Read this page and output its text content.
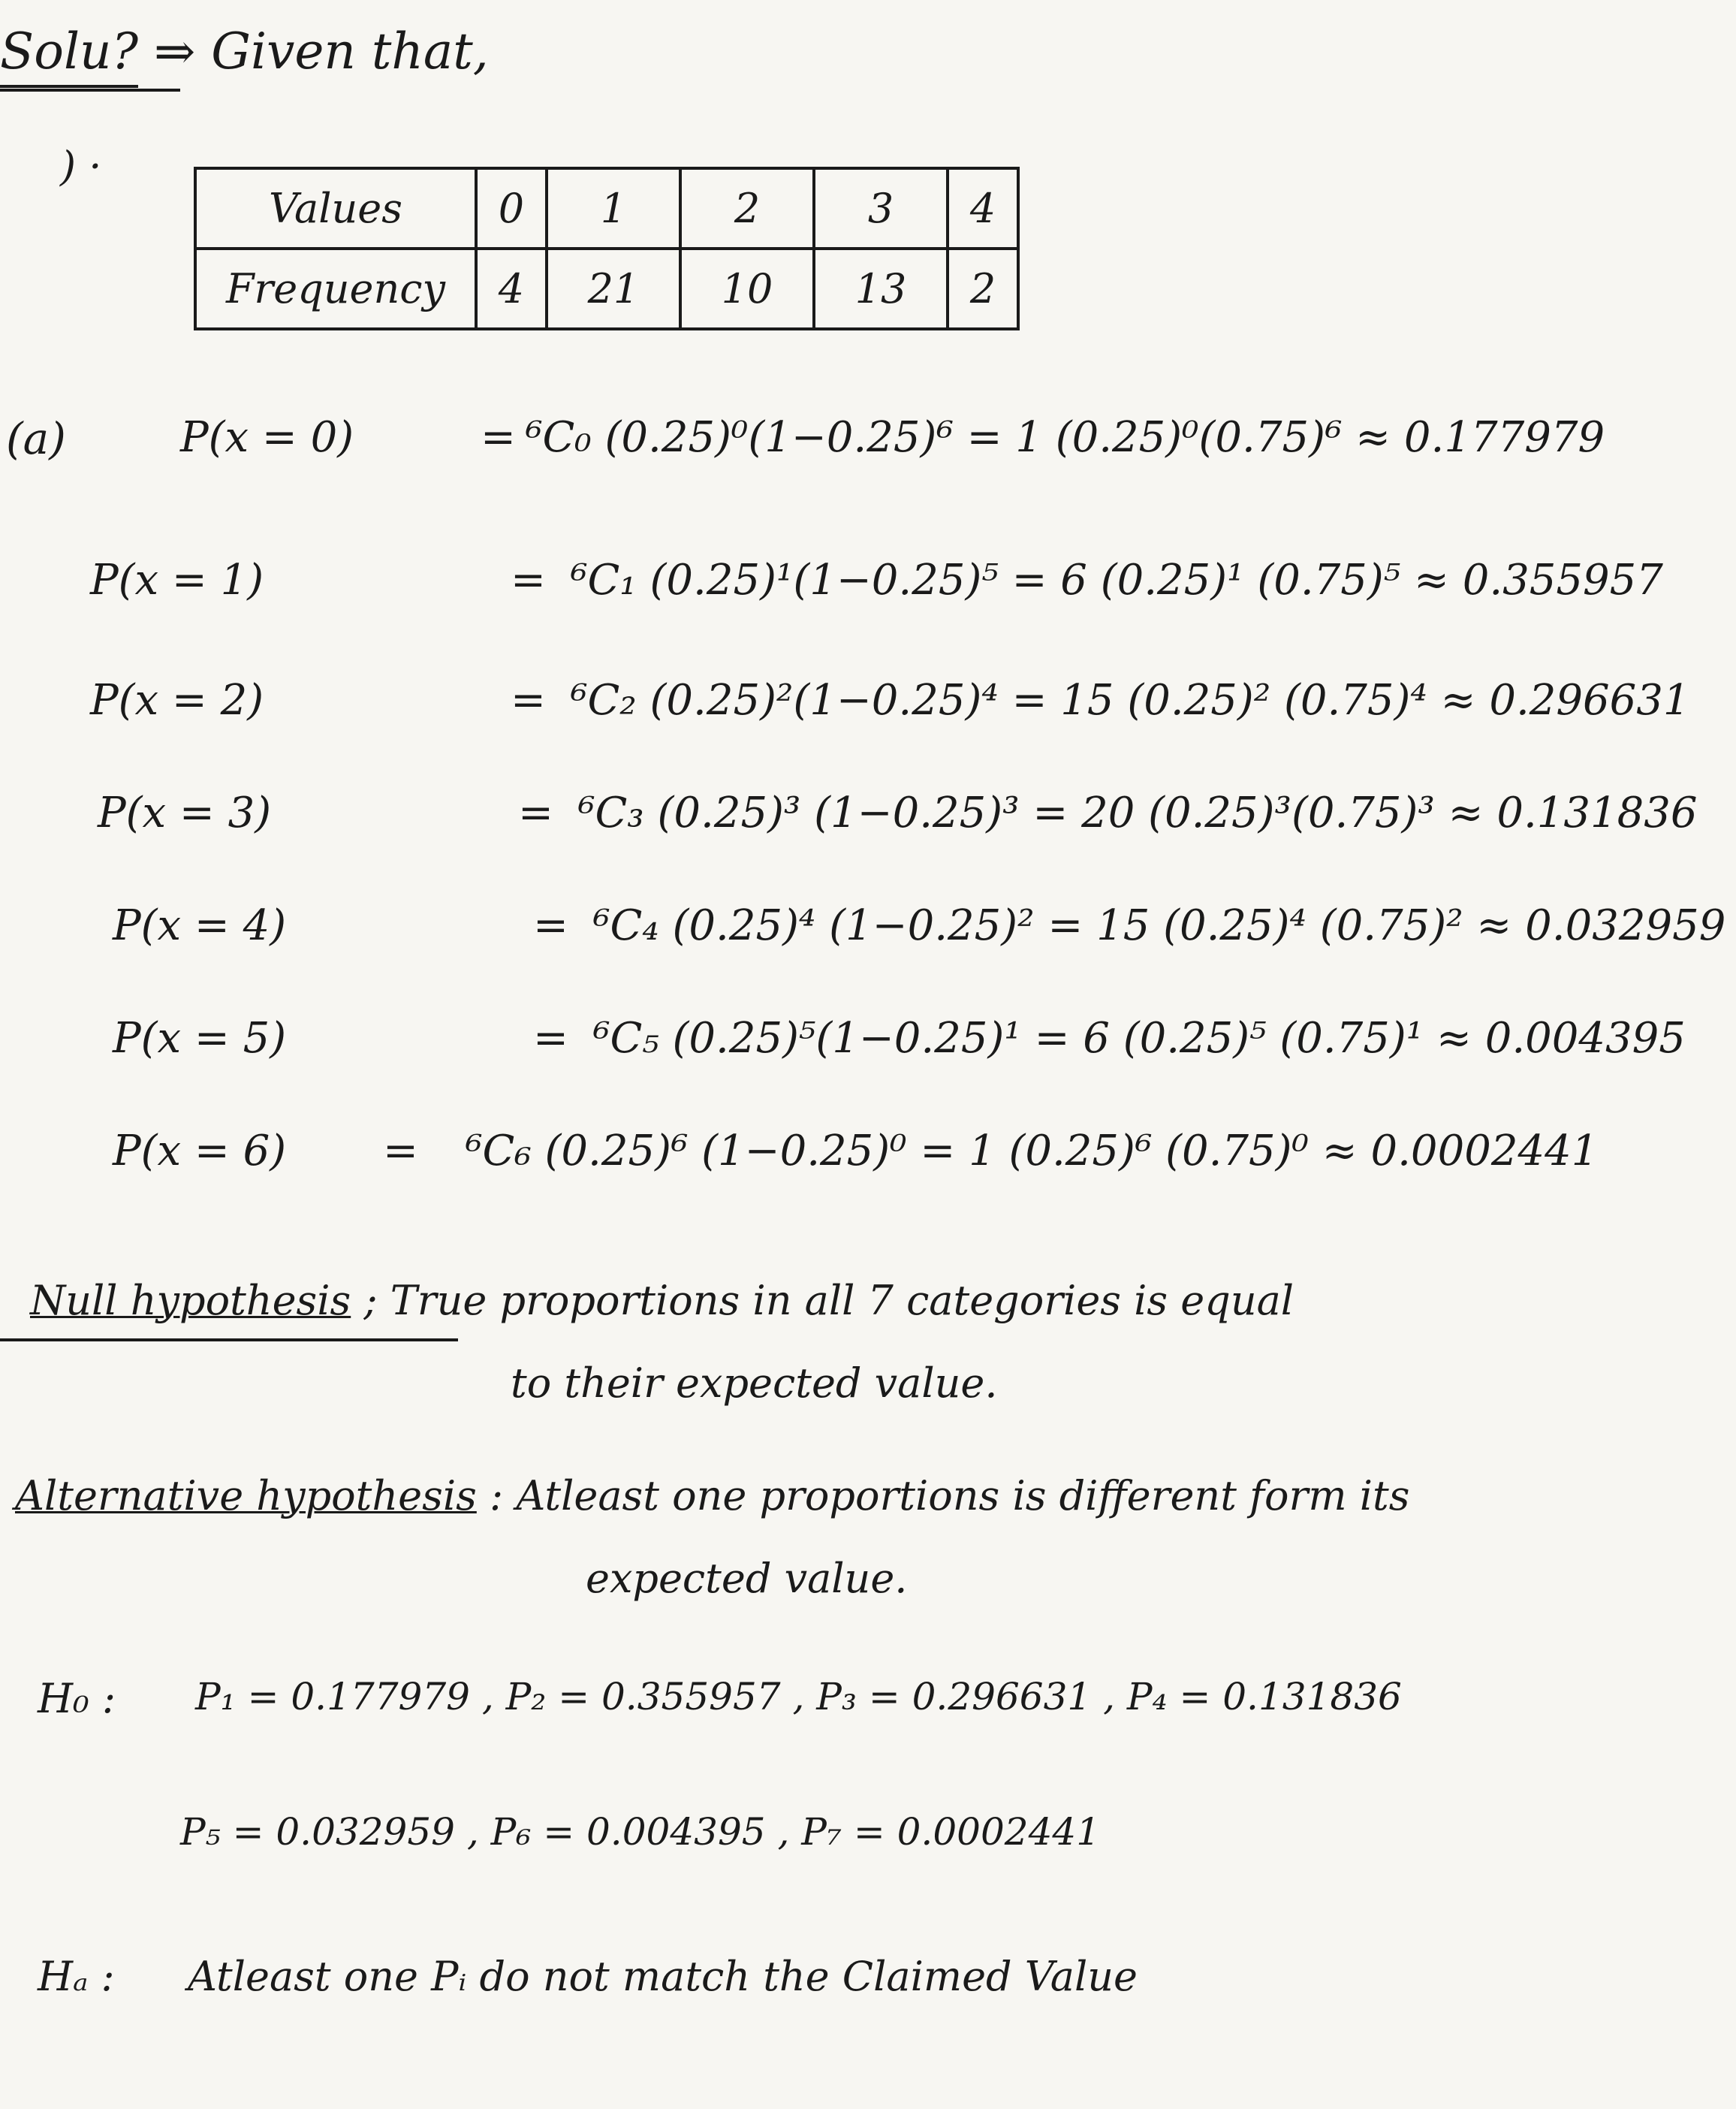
Solu? ⇒ Given that,
) ·
Values	0	1	2	3	4
Frequency	4	21	10	13	2
(a)	P(x = 0)	= ⁶C₀ (0.25)⁰(1−0.25)⁶ = 1 (0.25)⁰(0.75)⁶ ≈ 0.177979
P(x = 1)	= ⁶C₁ (0.25)¹(1−0.25)⁵ = 6 (0.25)¹ (0.75)⁵ ≈ 0.355957
P(x = 2)	= ⁶C₂ (0.25)²(1−0.25)⁴ = 15 (0.25)² (0.75)⁴ ≈ 0.296631
P(x = 3)	= ⁶C₃ (0.25)³ (1−0.25)³ = 20 (0.25)³(0.75)³ ≈ 0.131836
P(x = 4)	= ⁶C₄ (0.25)⁴ (1−0.25)² = 15 (0.25)⁴ (0.75)² ≈ 0.032959
P(x = 5)	= ⁶C₅ (0.25)⁵(1−0.25)¹ = 6 (0.25)⁵ (0.75)¹ ≈ 0.004395
P(x = 6) = ⁶C₆ (0.25)⁶ (1−0.25)⁰ = 1 (0.25)⁶ (0.75)⁰ ≈ 0.0002441
Null hypothesis ; True proportions in all 7 categories is equal
to their expected value.
Alternative hypothesis : Atleast one proportions is different form its
expected value.
H₀ : P₁ = 0.177979 , P₂ = 0.355957 , P₃ = 0.296631 , P₄ = 0.131836
P₅ = 0.032959 , P₆ = 0.004395 , P₇ = 0.0002441
Hₐ : Atleast one Pᵢ do not match the Claimed Value
